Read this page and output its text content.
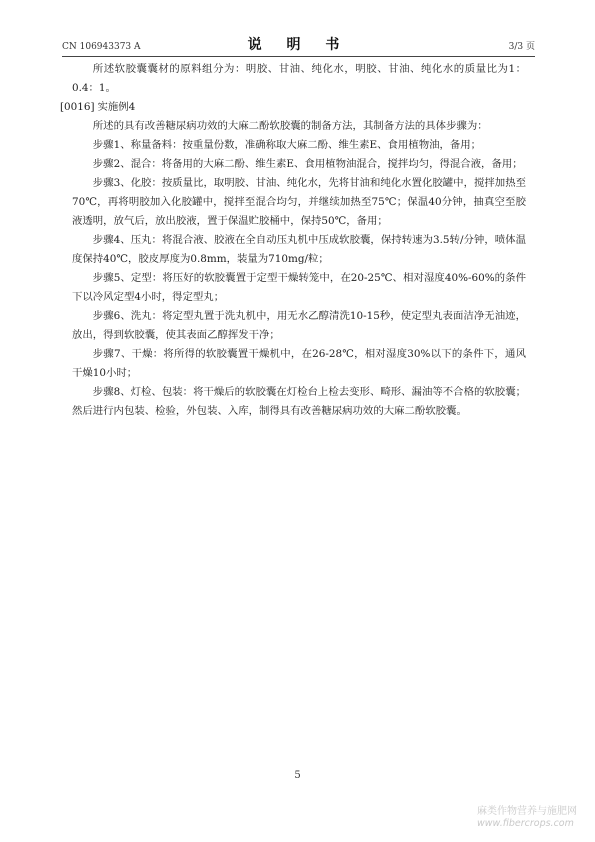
CN 106943373 A	说 明 书	3/3 页

所述软胶囊囊材的原料组分为：明胶、甘油、纯化水，明胶、甘油、纯化水的质量比为1：0.4：1。

[0016] 实施例4

所述的具有改善糖尿病功效的大麻二酚软胶囊的制备方法，其制备方法的具体步骤为：

步骤1、称量备料：按重量份数，准确称取大麻二酚、维生素E、食用植物油，备用；

步骤2、混合：将备用的大麻二酚、维生素E、食用植物油混合，搅拌均匀，得混合液，备用；

步骤3、化胶：按质量比，取明胶、甘油、纯化水，先将甘油和纯化水置化胶罐中，搅拌加热至70℃，再将明胶加入化胶罐中，搅拌至混合均匀，并继续加热至75℃；保温40分钟，抽真空至胶液透明，放气后，放出胶液，置于保温贮胶桶中，保持50℃，备用；

步骤4、压丸：将混合液、胶液在全自动压丸机中压成软胶囊，保持转速为3.5转/分钟，喷体温度保持40℃，胶皮厚度为0.8mm，装量为710mg/粒；

步骤5、定型：将压好的软胶囊置于定型干燥转笼中，在20-25℃、相对湿度40%-60%的条件下以冷风定型4小时，得定型丸；

步骤6、洗丸：将定型丸置于洗丸机中，用无水乙醇清洗10-15秒，使定型丸表面洁净无油迹，放出，得到软胶囊，使其表面乙醇挥发干净；

步骤7、干燥：将所得的软胶囊置干燥机中，在26-28℃，相对湿度30%以下的条件下，通风干燥10小时；

步骤8、灯检、包装：将干燥后的软胶囊在灯检台上检去变形、畸形、漏油等不合格的软胶囊；然后进行内包装、检验，外包装、入库，制得具有改善糖尿病功效的大麻二酚软胶囊。

5
麻类作物营养与施肥网
www.fibercrops.com
